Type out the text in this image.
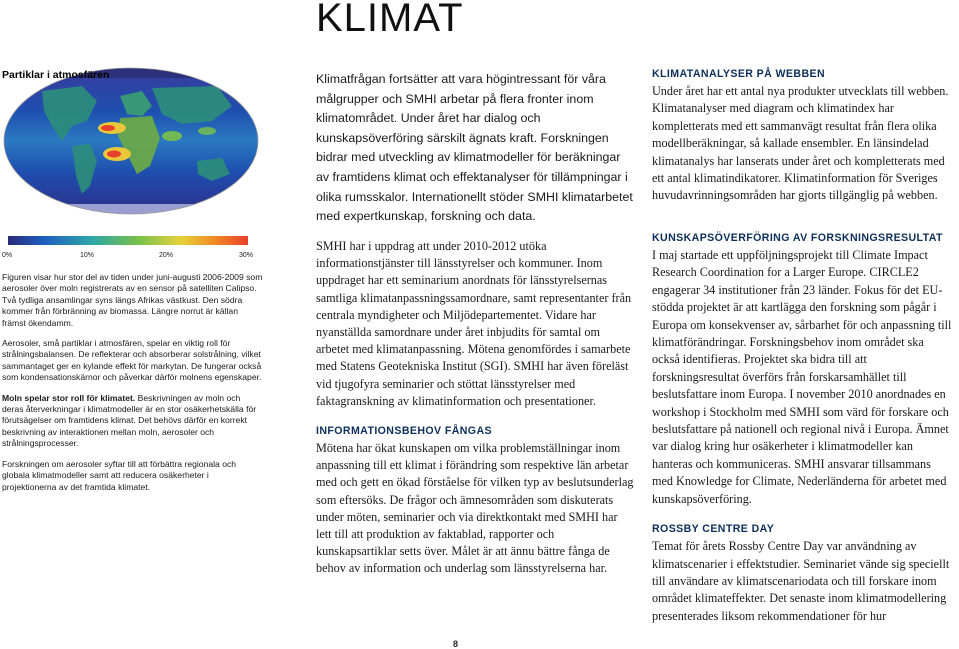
KLIMAT
Partiklar i atmosfären
0%	10%	20%	30%

Figuren visar hur stor del av tiden under juni-augusti 2006-2009 som aerosoler över moln registrerats av en sensor på satelliten Calipso. Två tydliga ansamlingar syns längs Afrikas västkust. Den södra kommer från förbränning av biomassa. Längre norrut är källan främst ökendamm.

Aerosoler, små partiklar i atmosfären, spelar en viktig roll för strålningsbalansen. De reflekterar och absorberar solstrålning, vilket sammantaget ger en kylande effekt för markytan. De fungerar också som kondensationskärnor och påverkar därför molnens egenskaper.

Moln spelar stor roll för klimatet. Beskrivningen av moln och deras återverkningar i klimatmodeller är en stor osäkerhetskälla för förutsägelser om framtidens klimat. Det behövs därför en korrekt beskrivning av interaktionen mellan moln, aerosoler och strålningsprocesser.

Forskningen om aerosoler syftar till att förbättra regionala och globala klimatmodeller samt att reducera osäkerheter i projektionerna av det framtida klimatet.

Klimatfrågan fortsätter att vara högintressant för våra målgrupper och SMHI arbetar på flera fronter inom klimatområdet. Under året har dialog och kunskapsöverföring särskilt ägnats kraft. Forskningen bidrar med utveckling av klimatmodeller för beräkningar av framtidens klimat och effektanalyser för tillämpningar i olika rumsskalor. Internationellt stöder SMHI klimatarbetet med expertkunskap, forskning och data.

SMHI har i uppdrag att under 2010-2012 utöka informationstjänster till länsstyrelser och kommuner. Inom uppdraget har ett seminarium anordnats för länsstyrelsernas samtliga klimatanpassningssamordnare, samt representanter från centrala myndigheter och Miljödepartementet. Vidare har nyanställda samordnare under året inbjudits för samtal om arbetet med klimatanpassning. Mötena genomfördes i samarbete med Statens Geotekniska Institut (SGI). SMHI har även föreläst vid tjugofyra seminarier och stöttat länsstyrelser med faktagranskning av klimatinformation och presentationer.

INFORMATIONSBEHOV FÅNGAS

Mötena har ökat kunskapen om vilka problemställningar inom anpassning till ett klimat i förändring som respektive län arbetar med och gett en ökad förståelse för vilken typ av beslutsunderlag som eftersöks. De frågor och ämnesområden som diskuterats under möten, seminarier och via direktkontakt med SMHI har lett till att produktion av faktablad, rapporter och kunskapsartiklar setts över. Målet är att ännu bättre fånga de behov av information och underlag som länsstyrelserna har.

KLIMATANALYSER PÅ WEBBEN

Under året har ett antal nya produkter utvecklats till webben. Klimatanalyser med diagram och klimatindex har kompletterats med ett sammanvägt resultat från flera olika modellberäkningar, så kallade ensembler. En länsindelad klimatanalys har lanserats under året och kompletterats med ett antal klimatindikatorer. Klimatinformation för Sveriges huvudavrinningsområden har gjorts tillgänglig på webben.

KUNSKAPSÖVERFÖRING AV FORSKNINGSRESULTAT

I maj startade ett uppföljningsprojekt till Climate Impact Research Coordination for a Larger Europe. CIRCLE2 engagerar 34 institutioner från 23 länder. Fokus för det EU-stödda projektet är att kartlägga den forskning som pågår i Europa om konsekvenser av, sårbarhet för och anpassning till klimatförändringar. Forskningsbehov inom området ska också identifieras. Projektet ska bidra till att forskningsresultat överförs från forskarsamhället till beslutsfattare inom Europa. I november 2010 anordnades en workshop i Stockholm med SMHI som värd för forskare och beslutsfattare på nationell och regional nivå i Europa. Ämnet var dialog kring hur osäkerheter i klimatmodeller kan hanteras och kommuniceras. SMHI ansvarar tillsammans med Knowledge for Climate, Nederländerna för arbetet med kunskapsöverföring.

ROSSBY CENTRE DAY

Temat för årets Rossby Centre Day var användning av klimatscenarier i effektstudier. Seminariet vände sig speciellt till användare av klimatscenariodata och till forskare inom området klimateffekter. Det senaste inom klimatmodellering presenterades liksom rekommendationer för hur

8
